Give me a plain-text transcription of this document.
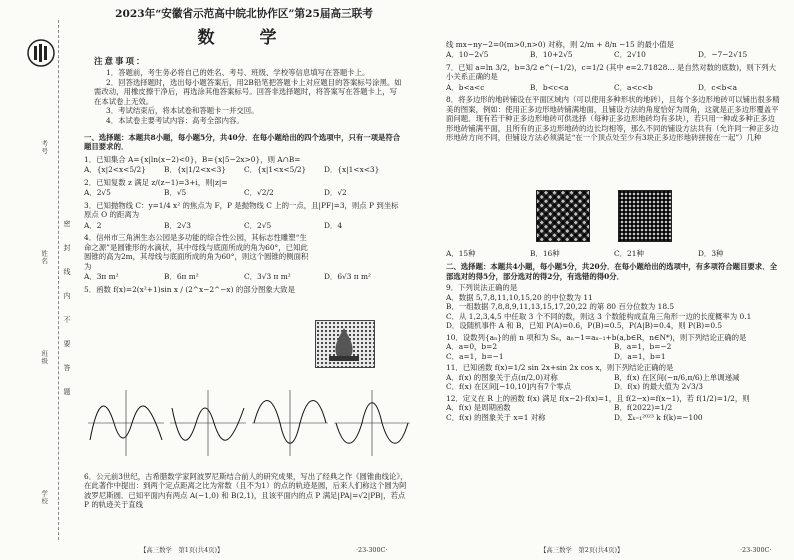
考号
姓名 密　　封　　线　　内　　不　　要　　答　　题
班级
学校
2023年“安徽省示范高中皖北协作区”第25届高三联考
数　学
注意事项：
1．答题前，考生务必将自己的姓名、考号、班级、学校等信息填写在答题卡上。
2．回答选择题时，选出每小题答案后，用2B铅笔把答题卡上对应题目的答案标号涂黑。如需改动，用橡皮擦干净后，再选涂其他答案标号。回答非选择题时，将答案写在答题卡上，写在本试卷上无效。
3．考试结束后，将本试卷和答题卡一并交回。
4．本试卷主要考试内容：高考全部内容。
一、选择题：本题共8小题，每小题5分，共40分．在每小题给出的四个选项中，只有一项是符合题目要求的．
1．已知集合 A={x|ln(x−2)<0}，B={x|5−2x>0}，则 A∩B=
A．{x|2<x<5/2}	B．{x|1/2<x<3}	C．{x|1<x<5/2}	D．{x|1<x<3}
2．已知复数 z 满足 z/(z−1)=3+i，则|z|=
A．2√5	B．√5	C．√2/2	D．√2
3．已知抛物线 C：y=1/4 x² 的焦点为 F，P 是抛物线 C 上的一点，且|PF|=3，则点 P 到坐标原点 O 的距离为
A．2	B．2√3	C．2√5	D．4
4．信州市三角洲生态公园是多功能的综合性公园，其标志性雕塑“生命之源”是圆锥形的水滴状，其中母线与底面所成的角为60°，已知此圆锥的高为2m，其母线与底面所成的角为60°，则这个圆锥的侧面积为
A．3π m²	B．6π m²	C．3√3 π m²	D．6√3 π m²
5．函数 f(x)=2(x²+1)sin x / (2^x−2^−x) 的部分图象大致是
6．公元前3世纪，古希腊数学家阿波罗尼斯结合前人的研究成果，写出了经典之作《圆锥曲线论》，在此著作中提出：到两个定点距离之比为常数（且不为1）的点的轨迹是圆，后来人们称这个圆为阿波罗尼斯圆．已知平面内有两点 A(−1,0) 和 B(2,1)，且该平面内的点 P 满足|PA|=√2|PB|，若点 P 的轨迹关于直线
【高三数学　第1页(共4页)】	·23-300C·
线 mx−ny−2=0(m>0,n>0) 对称，则 2/m + 8/n −15 的最小值是
A．10−2√5	B．10+2√5	C．2√10	D．−7−2√15
7．已知 a=ln 3/2，b=3/2 e^(−1/2)，c=1/2 (其中 e=2.71828… 是自然对数的底数)，则下列大小关系正确的是
A．b<a<c	B．b<c<a	C．a<c<b	D．c<b<a
8．将多边形的地砖铺设在平面区域内（可以使用多种形状的地砖），且每个多边形地砖可以铺出很多精美的图案，例如：使用正多边形地砖铺满地面，且铺设方法的角度恰好为周角，这就是正多边形覆盖平面问题．现有若干种正多边形地砖可供选择（每种正多边形地砖均有多块），若只用一种或多种正多边形地砖铺满平面，且所有的正多边形地砖的边长均相等，那么不同的铺设方法共有（允许同一种正多边形地砖方向不同，但铺设方法必须满足“在一个顶点处至少有3块正多边形地砖拼接在一起”）几种
A．15种	B．16种	C．21种	D．3种
二、选择题：本题共4小题，每小题5分，共20分．在每小题给出的选项中，有多项符合题目要求．全部选对的得5分，部分选对的得2分，有选错的得0分．
9．下列说法正确的是
A．数据 5,7,8,11,10,15,20 的中位数为 11
B．一组数据 7,8,8,9,11,13,15,17,20,22 的第 80 百分位数为 18.5
C．从 1,2,3,4,5 中任取 3 个不同的数，则这 3 个数能构成直角三角形一边的长度概率为 0.1
D．设随机事件 A 和 B，已知 P(A)=0.6，P(B)=0.5，P(A|B)=0.4，则 P(B)=0.5
10．设数列{aₙ}的前 n 项和为 Sₙ，aₙ−1=aₙ₋₁+b(a,b∈R，n∈N*)，则下列结论正确的是
A．a=0，b=2	B．a=1，b=−2
C．a=1，b=−1	D．a=1，b=1
11．已知函数 f(x)=1/2 sin 2x+sin 2x cos x，则下列结论正确的是
A．f(x) 的图象关于点(π/2,0)对称	B．f(x) 在区间(−π/6,π/6)上单调递减
C．f(x) 在区间[−10,10]内有7个零点	D．f(x) 的最大值为 2√3/3
12．定义在 R 上的函数 f(x) 满足 f(x−2)·f(x)=1，且 f(2−x)=f(x−1)，若 f(1/2)=1/2，则
A．f(x) 是周期函数	B．f(2022)=1/2
C．f(x) 的图象关于 x=1 对称	D．Σₖ₌₁²⁰²³ k f(k)=−100
【高三数学　第2页(共4页)】	·23-300C·
